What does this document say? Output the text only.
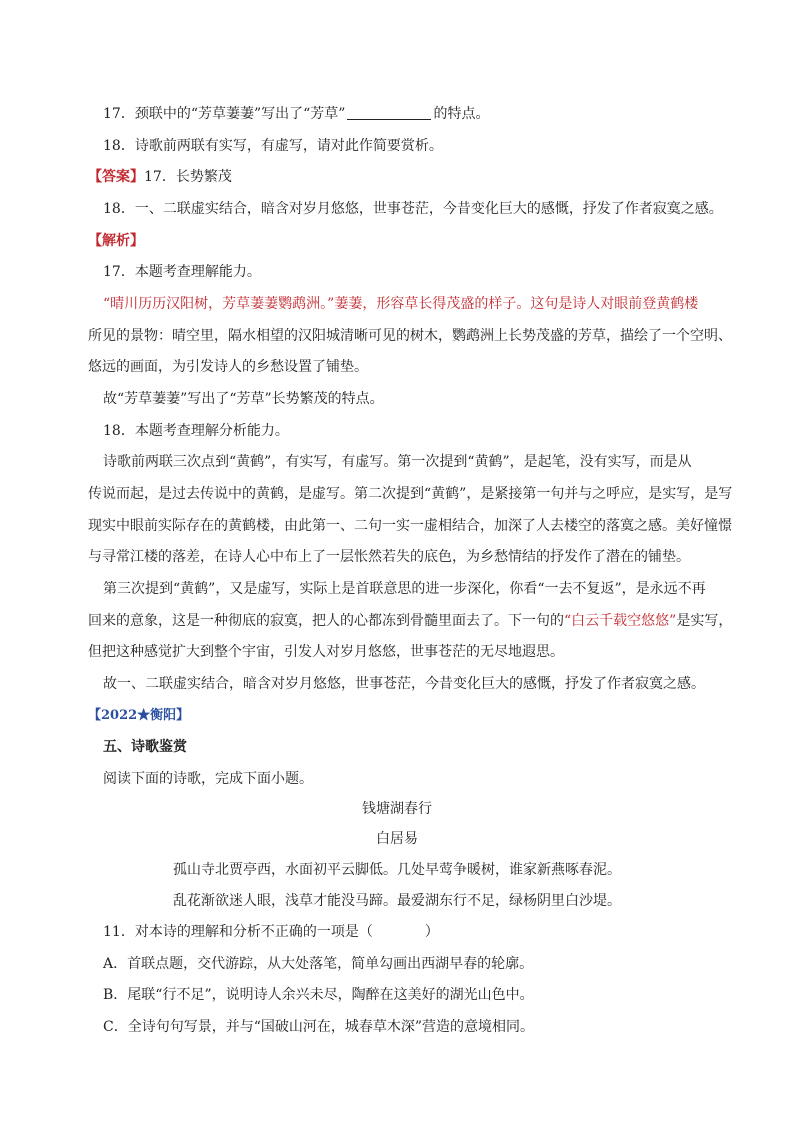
17．颈联中的“芳草萋萋”写出了“芳草”	的特点。
18．诗歌前两联有实写，有虚写，请对此作简要赏析。
【答案】17．长势繁茂
18．一、二联虚实结合，暗含对岁月悠悠，世事苍茫，今昔变化巨大的感慨，抒发了作者寂寞之感。
【解析】
17．本题考查理解能力。
“晴川历历汉阳树，芳草萋萋鹦鹉洲。”萋萋，形容草长得茂盛的样子。这句是诗人对眼前登黄鹤楼
所见的景物：晴空里，隔水相望的汉阳城清晰可见的树木，鹦鹉洲上长势茂盛的芳草，描绘了一个空明、
悠远的画面，为引发诗人的乡愁设置了铺垫。
故“芳草萋萋”写出了“芳草”长势繁茂的特点。
18．本题考查理解分析能力。
诗歌前两联三次点到“黄鹤”，有实写，有虚写。第一次提到“黄鹤”，是起笔，没有实写，而是从
传说而起，是过去传说中的黄鹤，是虚写。第二次提到“黄鹤”，是紧接第一句并与之呼应，是实写，是写
现实中眼前实际存在的黄鹤楼，由此第一、二句一实一虚相结合，加深了人去楼空的落寞之感。美好憧憬
与寻常江楼的落差，在诗人心中布上了一层怅然若失的底色，为乡愁情结的抒发作了潜在的铺垫。
第三次提到“黄鹤”，又是虚写，实际上是首联意思的进一步深化，你看“一去不复返”，是永远不再
回来的意象，这是一种彻底的寂寞，把人的心都冻到骨髓里面去了。下一句的“白云千载空悠悠”是实写，
但把这种感觉扩大到整个宇宙，引发人对岁月悠悠，世事苍茫的无尽地遐思。
故一、二联虚实结合，暗含对岁月悠悠，世事苍茫，今昔变化巨大的感慨，抒发了作者寂寞之感。
【2022★衡阳】
五、诗歌鉴赏
阅读下面的诗歌，完成下面小题。
钱塘湖春行
白居易
孤山寺北贾亭西，水面初平云脚低。几处早莺争暖树，谁家新燕啄春泥。
乱花渐欲迷人眼，浅草才能没马蹄。最爱湖东行不足，绿杨阴里白沙堤。
11．对本诗的理解和分析不正确的一项是（	）
A．首联点题，交代游踪，从大处落笔，简单勾画出西湖早春的轮廓。
B．尾联“行不足”，说明诗人余兴未尽，陶醉在这美好的湖光山色中。
C．全诗句句写景，并与“国破山河在，城春草木深”营造的意境相同。
